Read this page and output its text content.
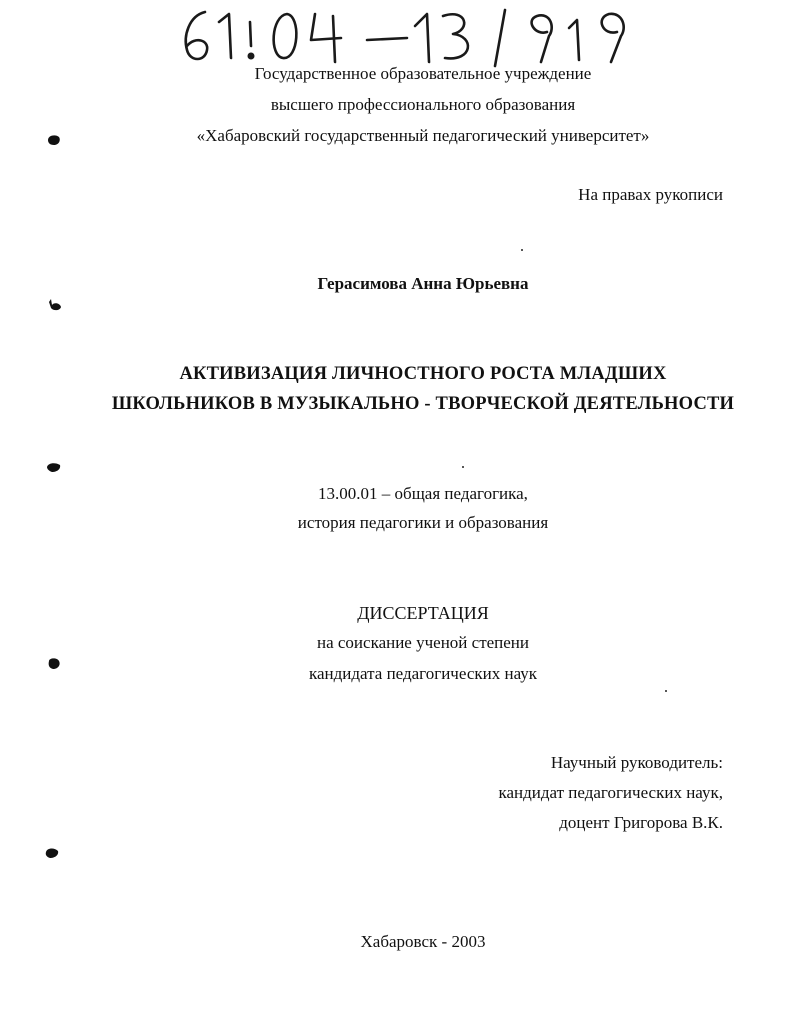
Государственное образовательное учреждение
высшего профессионального образования
«Хабаровский государственный педагогический университет»
На правах рукописи
Герасимова Анна Юрьевна
АКТИВИЗАЦИЯ ЛИЧНОСТНОГО РОСТА МЛАДШИХ
ШКОЛЬНИКОВ В МУЗЫКАЛЬНО - ТВОРЧЕСКОЙ ДЕЯТЕЛЬНОСТИ
13.00.01 – общая педагогика,
история педагогики и образования
ДИССЕРТАЦИЯ
на соискание ученой степени
кандидата педагогических наук
Научный руководитель:
кандидат педагогических наук,
доцент Григорова В.К.
Хабаровск - 2003
